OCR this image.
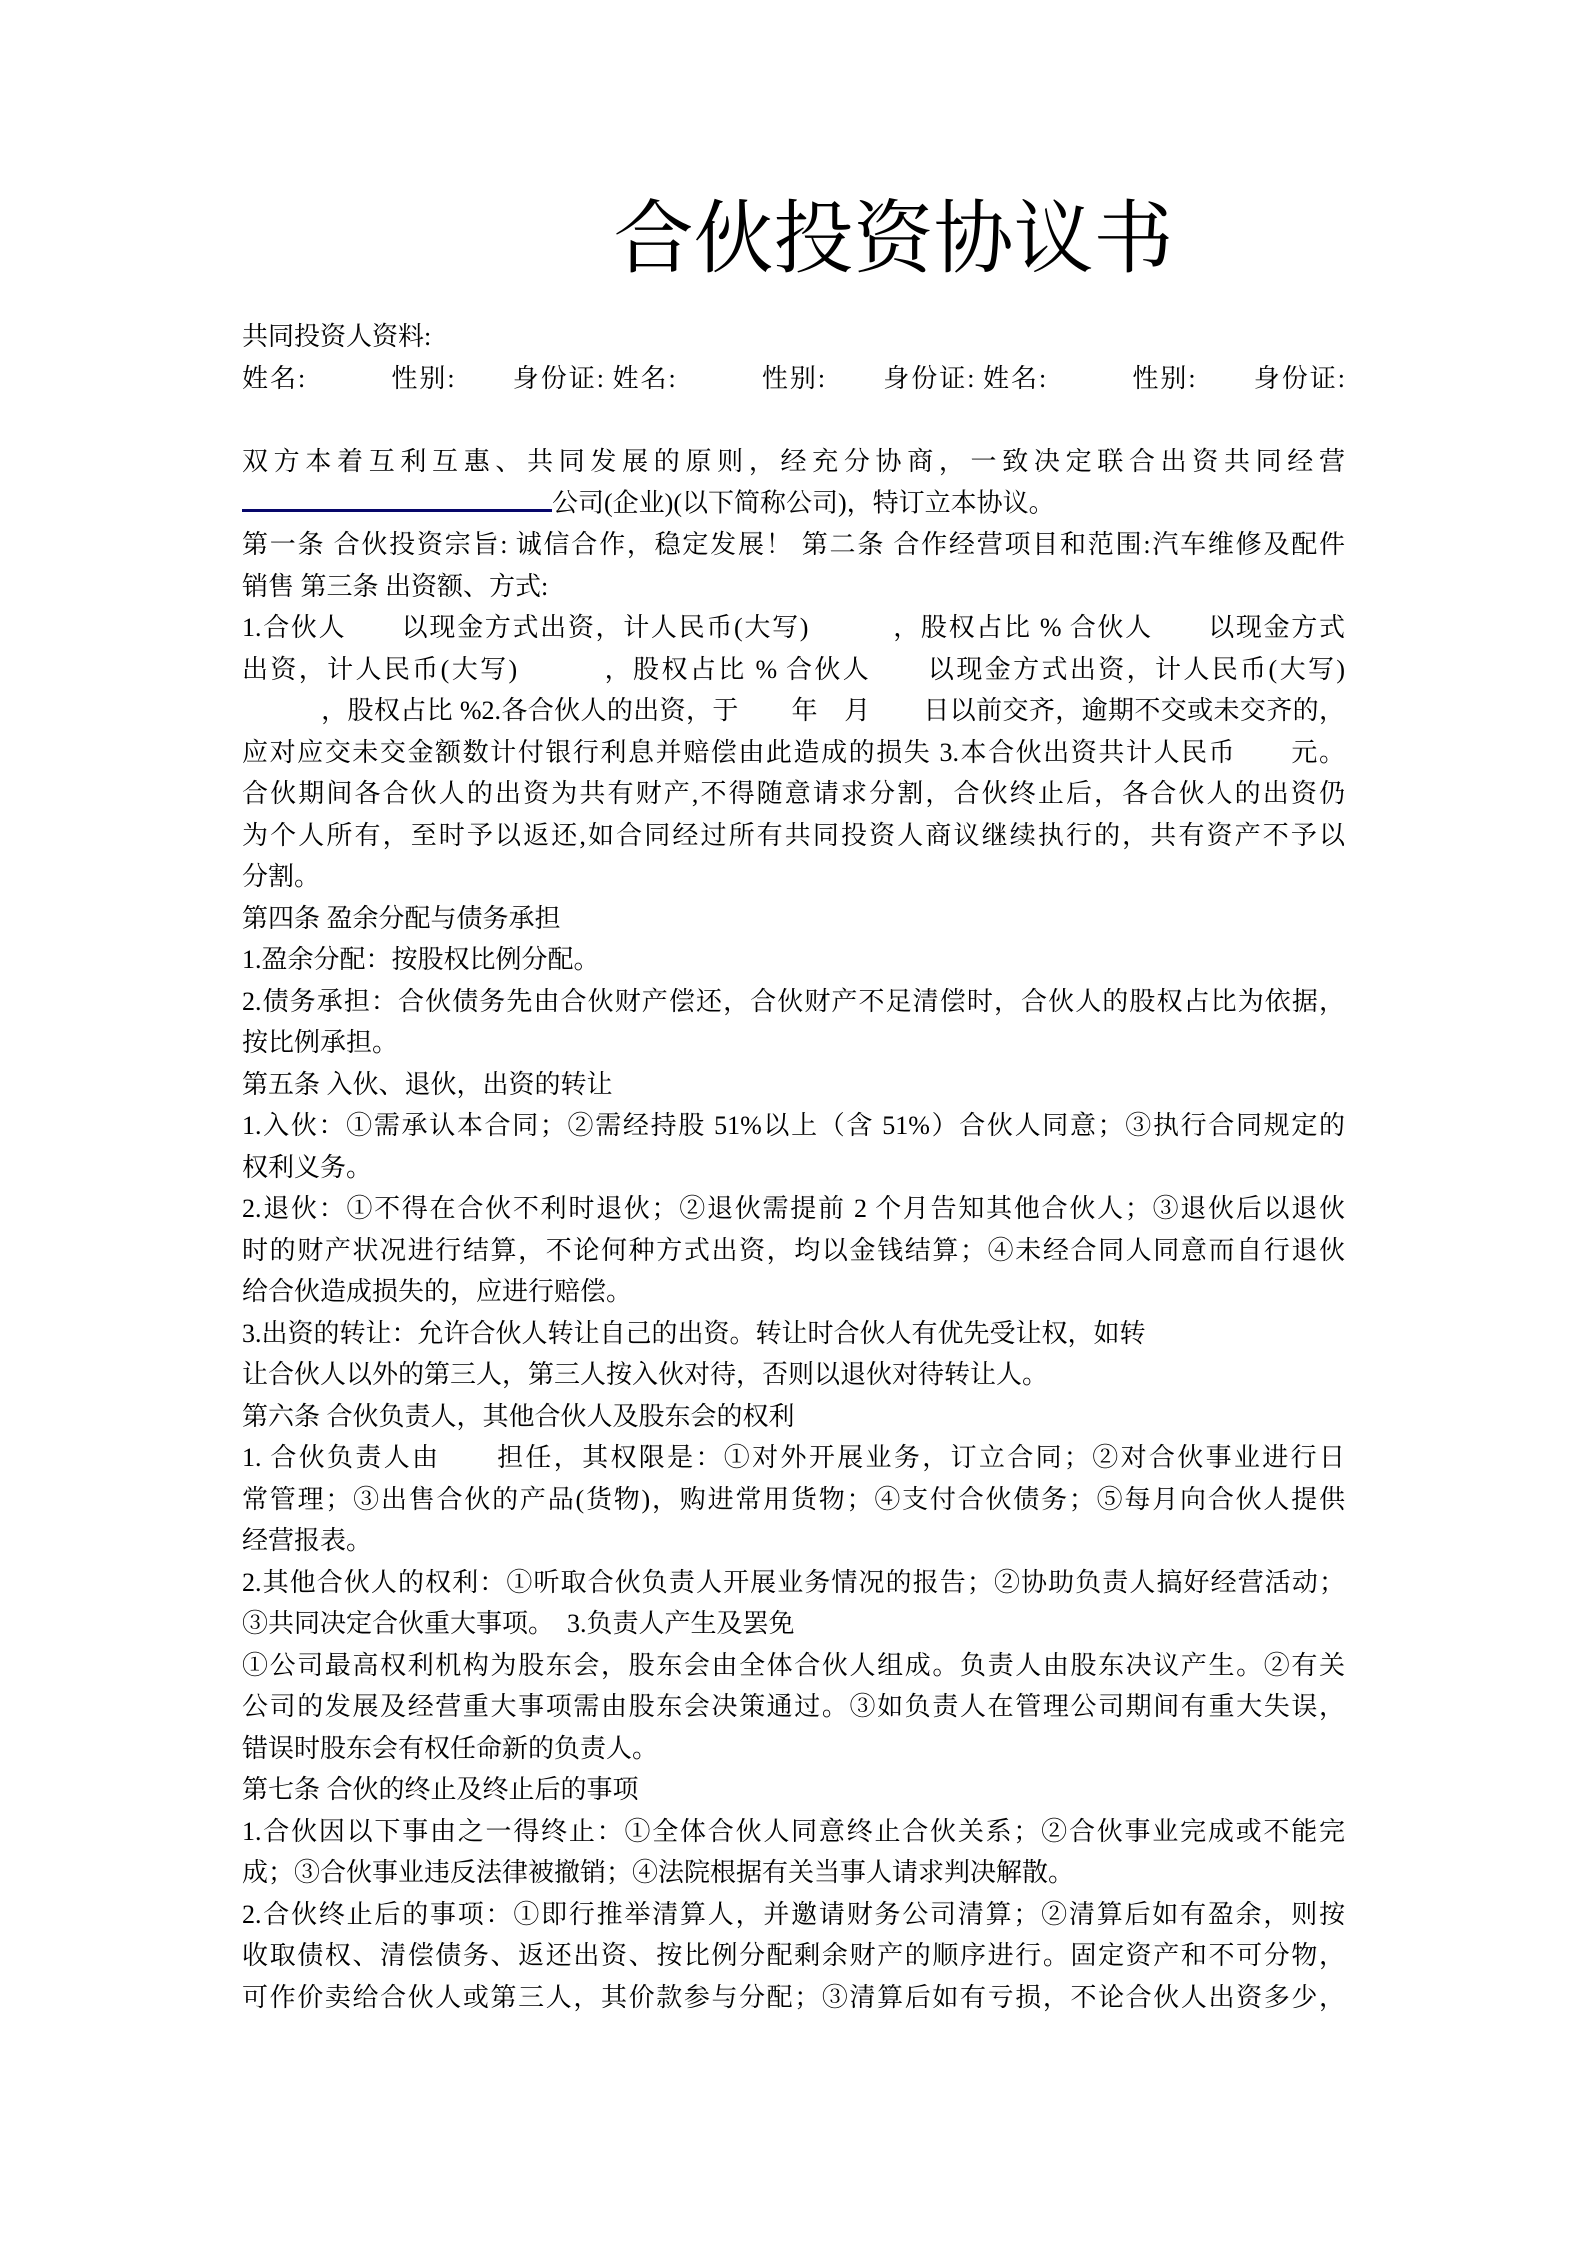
合伙投资协议书
共同投资人资料:
姓名:　　　性别:　　身份证: 姓名:　　　性别:　　身份证: 姓名:　　　性别:　　身份证:
双方本着互利互惠、共同发展的原则，经充分协商，一致决定联合出资共同经营
公司(企业)(以下简称公司)，特订立本协议。
第一条 合伙投资宗旨: 诚信合作，稳定发展！ 第二条 合作经营项目和范围:汽车维修及配件
销售 第三条 出资额、方式:
1.合伙人　　以现金方式出资，计人民币(大写)　　　，股权占比 % 合伙人　　以现金方式
出资，计人民币(大写)　　　，股权占比 % 合伙人　　以现金方式出资，计人民币(大写)
　　　，股权占比 %2.各合伙人的出资，于　　年　月　　日以前交齐，逾期不交或未交齐的，
应对应交未交金额数计付银行利息并赔偿由此造成的损失 3.本合伙出资共计人民币　　元。
合伙期间各合伙人的出资为共有财产,不得随意请求分割，合伙终止后，各合伙人的出资仍
为个人所有，至时予以返还,如合同经过所有共同投资人商议继续执行的，共有资产不予以
分割。
第四条 盈余分配与债务承担
1.盈余分配：按股权比例分配。
2.债务承担：合伙债务先由合伙财产偿还，合伙财产不足清偿时，合伙人的股权占比为依据，
按比例承担。
第五条 入伙、退伙，出资的转让
1.入伙：①需承认本合同；②需经持股 51%以上（含 51%）合伙人同意；③执行合同规定的
权利义务。
2.退伙：①不得在合伙不利时退伙；②退伙需提前 2 个月告知其他合伙人；③退伙后以退伙
时的财产状况进行结算，不论何种方式出资，均以金钱结算；④未经合同人同意而自行退伙
给合伙造成损失的，应进行赔偿。
3.出资的转让：允许合伙人转让自己的出资。转让时合伙人有优先受让权，如转
让合伙人以外的第三人，第三人按入伙对待，否则以退伙对待转让人。
第六条 合伙负责人，其他合伙人及股东会的权利
1. 合伙负责人由　　担任，其权限是：①对外开展业务，订立合同；②对合伙事业进行日
常管理；③出售合伙的产品(货物)，购进常用货物；④支付合伙债务；⑤每月向合伙人提供
经营报表。
2.其他合伙人的权利：①听取合伙负责人开展业务情况的报告；②协助负责人搞好经营活动；
③共同决定合伙重大事项。　3.负责人产生及罢免
①公司最高权利机构为股东会，股东会由全体合伙人组成。负责人由股东决议产生。②有关
公司的发展及经营重大事项需由股东会决策通过。③如负责人在管理公司期间有重大失误，
错误时股东会有权任命新的负责人。
第七条 合伙的终止及终止后的事项
1.合伙因以下事由之一得终止：①全体合伙人同意终止合伙关系；②合伙事业完成或不能完
成；③合伙事业违反法律被撤销；④法院根据有关当事人请求判决解散。
2.合伙终止后的事项：①即行推举清算人，并邀请财务公司清算；②清算后如有盈余，则按
收取债权、清偿债务、返还出资、按比例分配剩余财产的顺序进行。固定资产和不可分物，
可作价卖给合伙人或第三人，其价款参与分配；③清算后如有亏损，不论合伙人出资多少，
